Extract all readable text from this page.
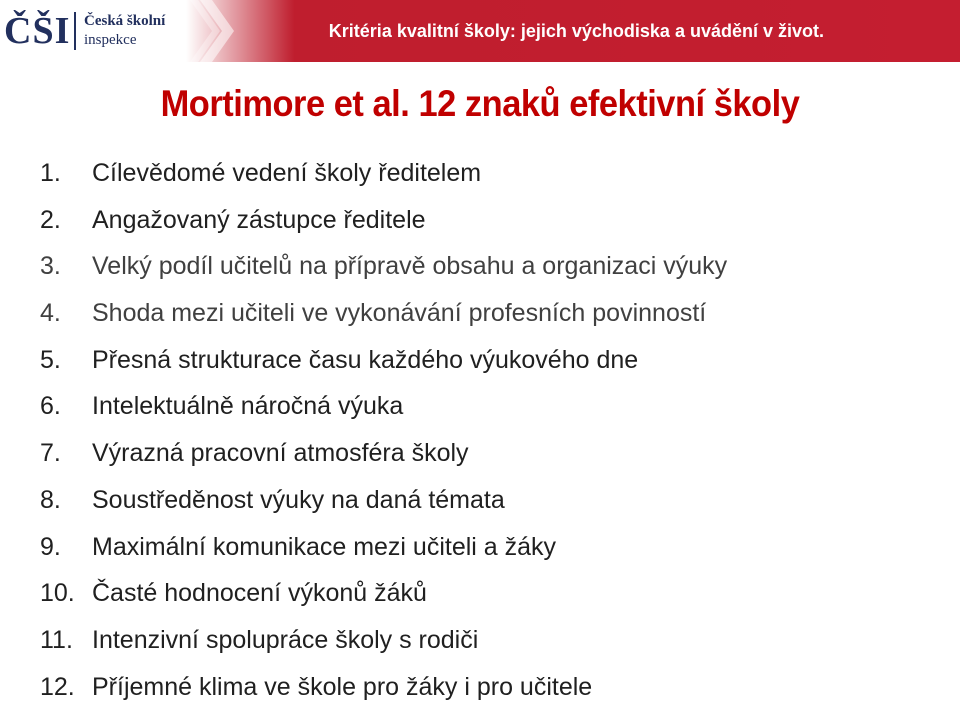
ČŠI Česká školní
inspekce	Kritéria kvalitní školy: jejich východiska a uvádění v život.
Mortimore et al. 12 znaků efektivní školy
1. Cílevědomé vedení školy ředitelem
2. Angažovaný zástupce ředitele
3. Velký podíl učitelů na přípravě obsahu a organizaci výuky
4. Shoda mezi učiteli ve vykonávání profesních povinností
5. Přesná strukturace času každého výukového dne
6. Intelektuálně náročná výuka
7. Výrazná pracovní atmosféra školy
8. Soustředěnost výuky na daná témata
9. Maximální komunikace mezi učiteli a žáky
10. Časté hodnocení výkonů žáků
11. Intenzivní spolupráce školy s rodiči
12. Příjemné klima ve škole pro žáky i pro učitele
